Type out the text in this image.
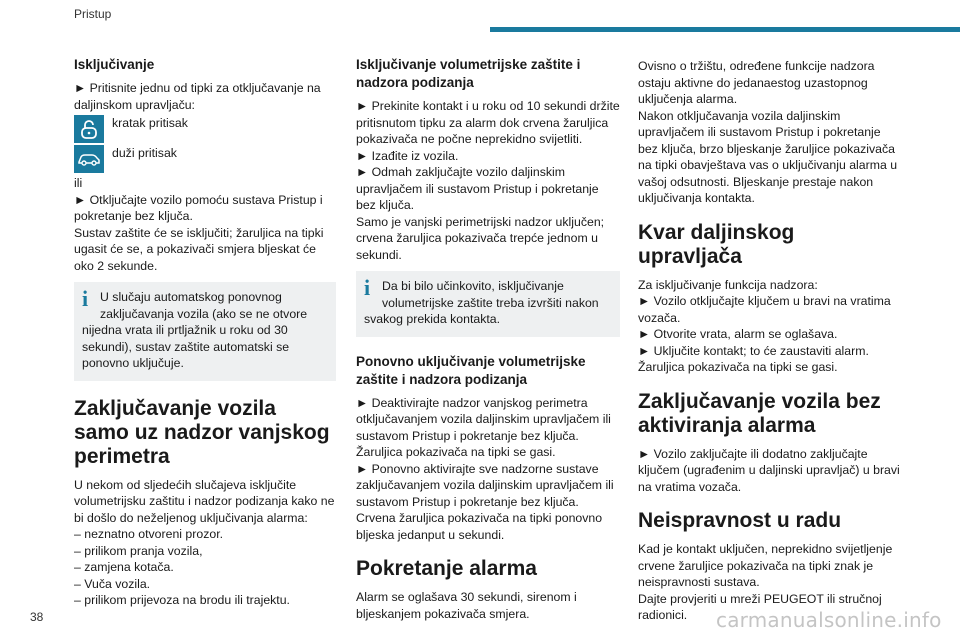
Pristup

Isključivanje

► Pritisnite jednu od tipki za otključavanje na daljinskom upravljaču:

kratak pritisak
duži pritisak

ili

► Otključajte vozilo pomoću sustava Pristup i pokretanje bez ključa.

Sustav zaštite će se isključiti; žaruljica na tipki ugasit će se, a pokazivači smjera bljeskat će oko 2 sekunde.

i U slučaju automatskog ponovnog zaključavanja vozila (ako se ne otvore nijedna vrata ili prtljažnik u roku od 30 sekundi), sustav zaštite automatski se ponovno uključuje.

Zaključavanje vozila samo uz nadzor vanjskog perimetra

U nekom od sljedećih slučajeva isključite volumetrijsku zaštitu i nadzor podizanja kako ne bi došlo do neželjenog uključivanja alarma:

– neznatno otvoreni prozor.

– prilikom pranja vozila,

– zamjena kotača.

– Vuča vozila.

– prilikom prijevoza na brodu ili trajektu.

Isključivanje volumetrijske zaštite i nadzora podizanja

► Prekinite kontakt i u roku od 10 sekundi držite pritisnutom tipku za alarm dok crvena žaruljica pokazivača ne počne neprekidno svijetliti.

► Izađite iz vozila.

► Odmah zaključajte vozilo daljinskim upravljačem ili sustavom Pristup i pokretanje bez ključa.

Samo je vanjski perimetrijski nadzor uključen; crvena žaruljica pokazivača trepće jednom u sekundi.

i Da bi bilo učinkovito, isključivanje volumetrijske zaštite treba izvršiti nakon svakog prekida kontakta.

Ponovno uključivanje volumetrijske zaštite i nadzora podizanja

► Deaktivirajte nadzor vanjskog perimetra otključavanjem vozila daljinskim upravljačem ili sustavom Pristup i pokretanje bez ključa.

Žaruljica pokazivača na tipki se gasi.

► Ponovno aktivirajte sve nadzorne sustave zaključavanjem vozila daljinskim upravljačem ili sustavom Pristup i pokretanje bez ključa.

Crvena žaruljica pokazivača na tipki ponovno bljeska jedanput u sekundi.

Pokretanje alarma

Alarm se oglašava 30 sekundi, sirenom i bljeskanjem pokazivača smjera.

Ovisno o tržištu, određene funkcije nadzora ostaju aktivne do jedanaestog uzastopnog uključenja alarma.

Nakon otključavanja vozila daljinskim upravljačem ili sustavom Pristup i pokretanje bez ključa, brzo bljeskanje žaruljice pokazivača na tipki obavještava vas o uključivanju alarma u vašoj odsutnosti. Bljeskanje prestaje nakon uključivanja kontakta.

Kvar daljinskog upravljača

Za isključivanje funkcija nadzora:

► Vozilo otključajte ključem u bravi na vratima vozača.

► Otvorite vrata, alarm se oglašava.

► Uključite kontakt; to će zaustaviti alarm.

Žaruljica pokazivača na tipki se gasi.

Zaključavanje vozila bez aktiviranja alarma

► Vozilo zaključajte ili dodatno zaključajte ključem (ugrađenim u daljinski upravljač) u bravi na vratima vozača.

Neispravnost u radu

Kad je kontakt uključen, neprekidno svijetljenje crvene žaruljice pokazivača na tipki znak je neispravnosti sustava.

Dajte provjeriti u mreži PEUGEOT ili stručnoj radionici.

38	carmanualsonline.info
